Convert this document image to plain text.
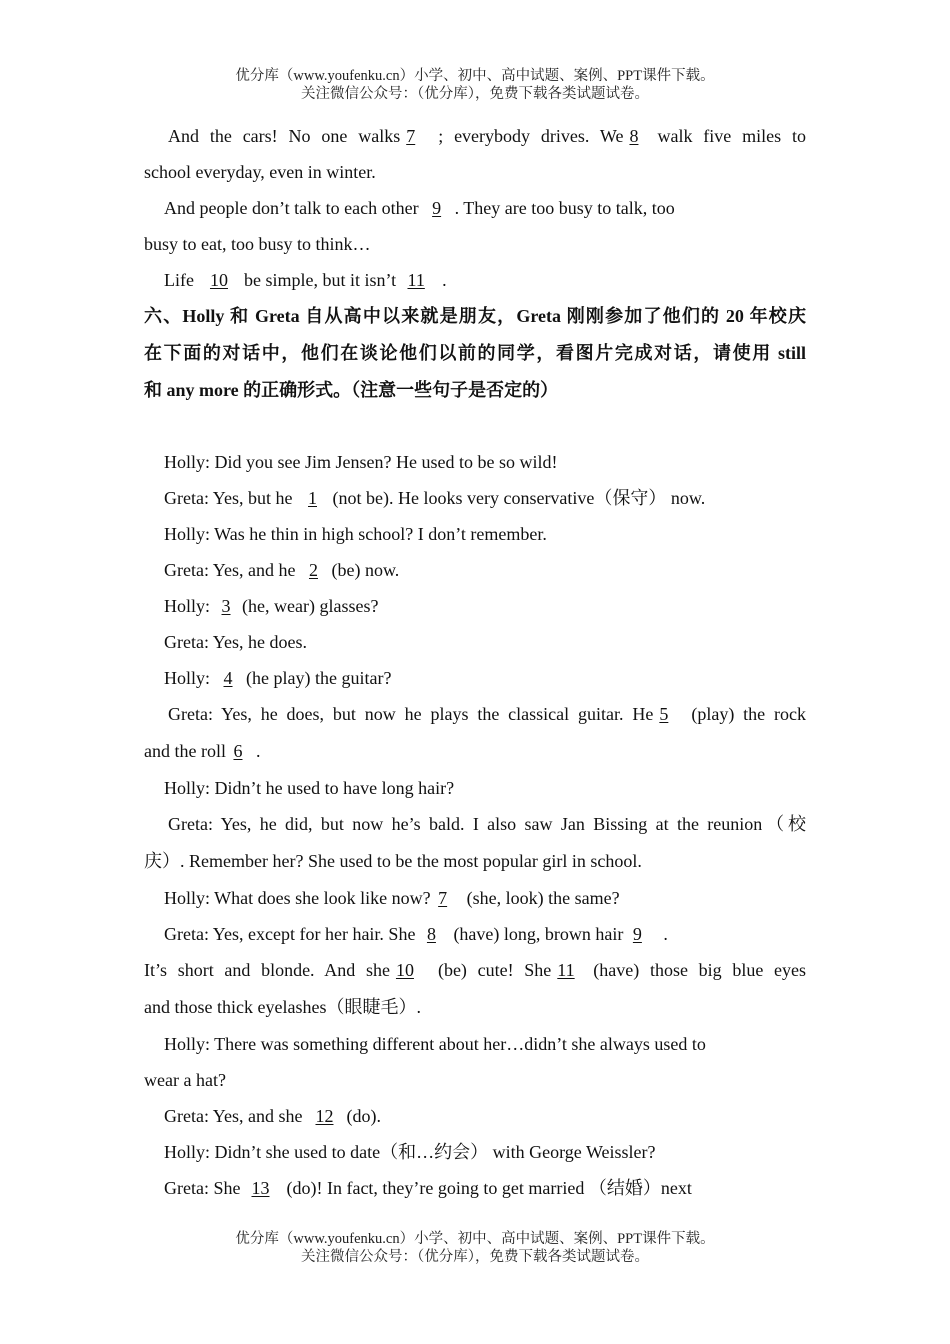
优分库（www.youfenku.cn）小学、初中、高中试题、案例、PPT课件下载。
关注微信公众号：（优分库），免费下载各类试题试卷。
And the cars! No one walks7; everybody drives. We8walk five miles to
school everyday, even in winter.
And people don’t talk to each other9. They are too busy to talk, too
busy to eat, too busy to think…
Life10be simple, but it isn’t11.
六、Holly 和 Greta 自从高中以来就是朋友，Greta 刚刚参加了他们的 20 年校庆
在下面的对话中，他们在谈论他们以前的同学，看图片完成对话，请使用 still
和 any more 的正确形式。（注意一些句子是否定的）
Holly: Did you see Jim Jensen? He used to be so wild!
Greta: Yes, but he1(not be). He looks very conservative（保守） now.
Holly: Was he thin in high school? I don’t remember.
Greta: Yes, and he2(be) now.
Holly:3(he, wear) glasses?
Greta: Yes, he does.
Holly:4(he play) the guitar?
Greta: Yes, he does, but now he plays the classical guitar. He5(play) the rock
and the roll6.
Holly: Didn’t he used to have long hair?
Greta: Yes, he did, but now he’s bald. I also saw Jan Bissing at the reunion（校
庆）. Remember her? She used to be the most popular girl in school.
Holly: What does she look like now?7(she, look) the same?
Greta: Yes, except for her hair. She8(have) long, brown hair9.
It’s short and blonde. And she10(be) cute! She11(have) those big blue eyes
and those thick eyelashes（眼睫毛）.
Holly: There was something different about her…didn’t she always used to
wear a hat?
Greta: Yes, and she12(do).
Holly: Didn’t she used to date（和…约会） with George Weissler?
Greta: She13(do)! In fact, they’re going to get married （结婚）next
优分库（www.youfenku.cn）小学、初中、高中试题、案例、PPT课件下载。
关注微信公众号：（优分库），免费下载各类试题试卷。
